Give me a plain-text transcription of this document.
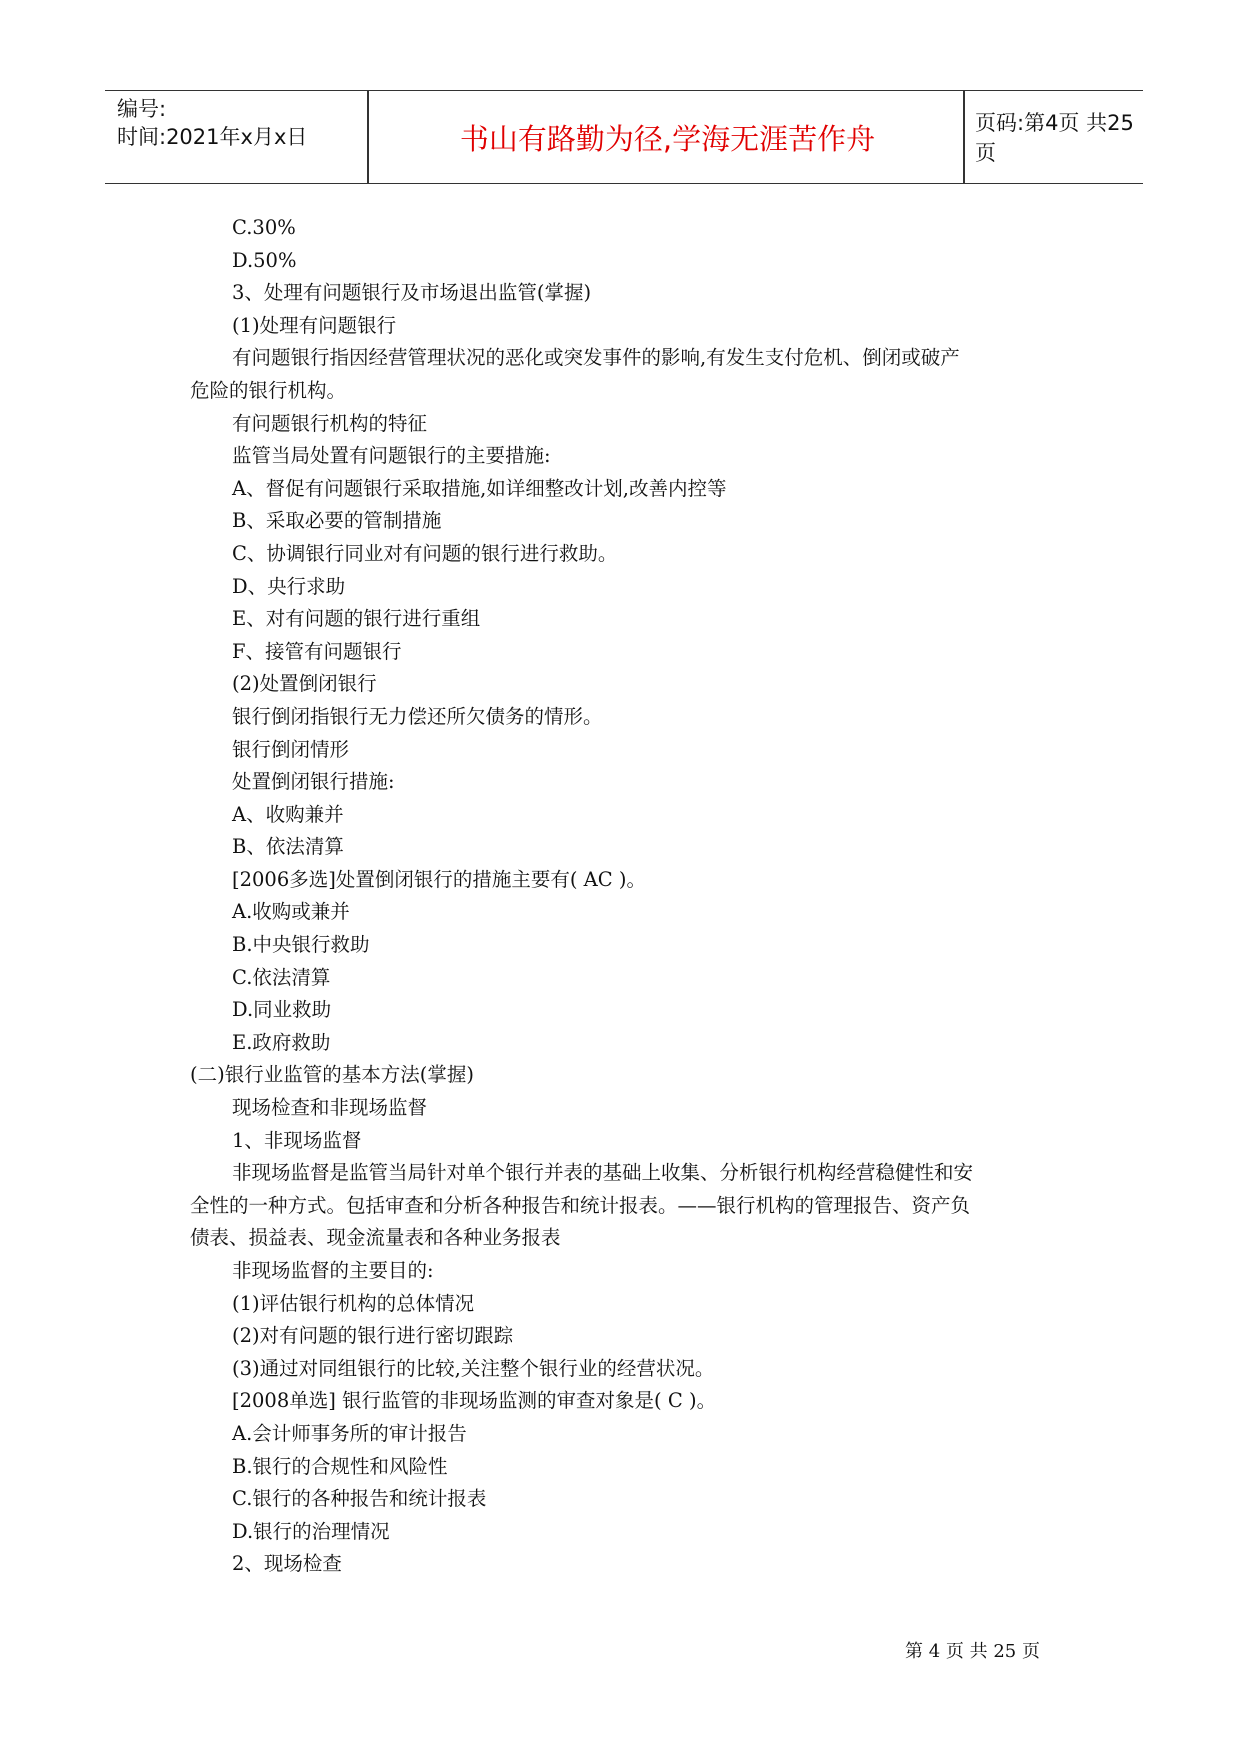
编号:
时间:2021年x月x日	书山有路勤为径,学海无涯苦作舟	页码:第4页 共25页
C.30%
D.50%
3、处理有问题银行及市场退出监管(掌握)
(1)处理有问题银行
有问题银行指因经营管理状况的恶化或突发事件的影响,有发生支付危机、倒闭或破产
危险的银行机构。
有问题银行机构的特征
监管当局处置有问题银行的主要措施:
A、督促有问题银行采取措施,如详细整改计划,改善内控等
B、采取必要的管制措施
C、协调银行同业对有问题的银行进行救助。
D、央行求助
E、对有问题的银行进行重组
F、接管有问题银行
(2)处置倒闭银行
银行倒闭指银行无力偿还所欠债务的情形。
银行倒闭情形
处置倒闭银行措施:
A、收购兼并
B、依法清算
[2006多选]处置倒闭银行的措施主要有( AC )。
A.收购或兼并
B.中央银行救助
C.依法清算
D.同业救助
E.政府救助
(二)银行业监管的基本方法(掌握)
现场检查和非现场监督
1、非现场监督
非现场监督是监管当局针对单个银行并表的基础上收集、分析银行机构经营稳健性和安
全性的一种方式。包括审查和分析各种报告和统计报表。——银行机构的管理报告、资产负
债表、损益表、现金流量表和各种业务报表
非现场监督的主要目的:
(1)评估银行机构的总体情况
(2)对有问题的银行进行密切跟踪
(3)通过对同组银行的比较,关注整个银行业的经营状况。
[2008单选] 银行监管的非现场监测的审查对象是( C )。
A.会计师事务所的审计报告
B.银行的合规性和风险性
C.银行的各种报告和统计报表
D.银行的治理情况
2、现场检查
第 4 页 共 25 页
